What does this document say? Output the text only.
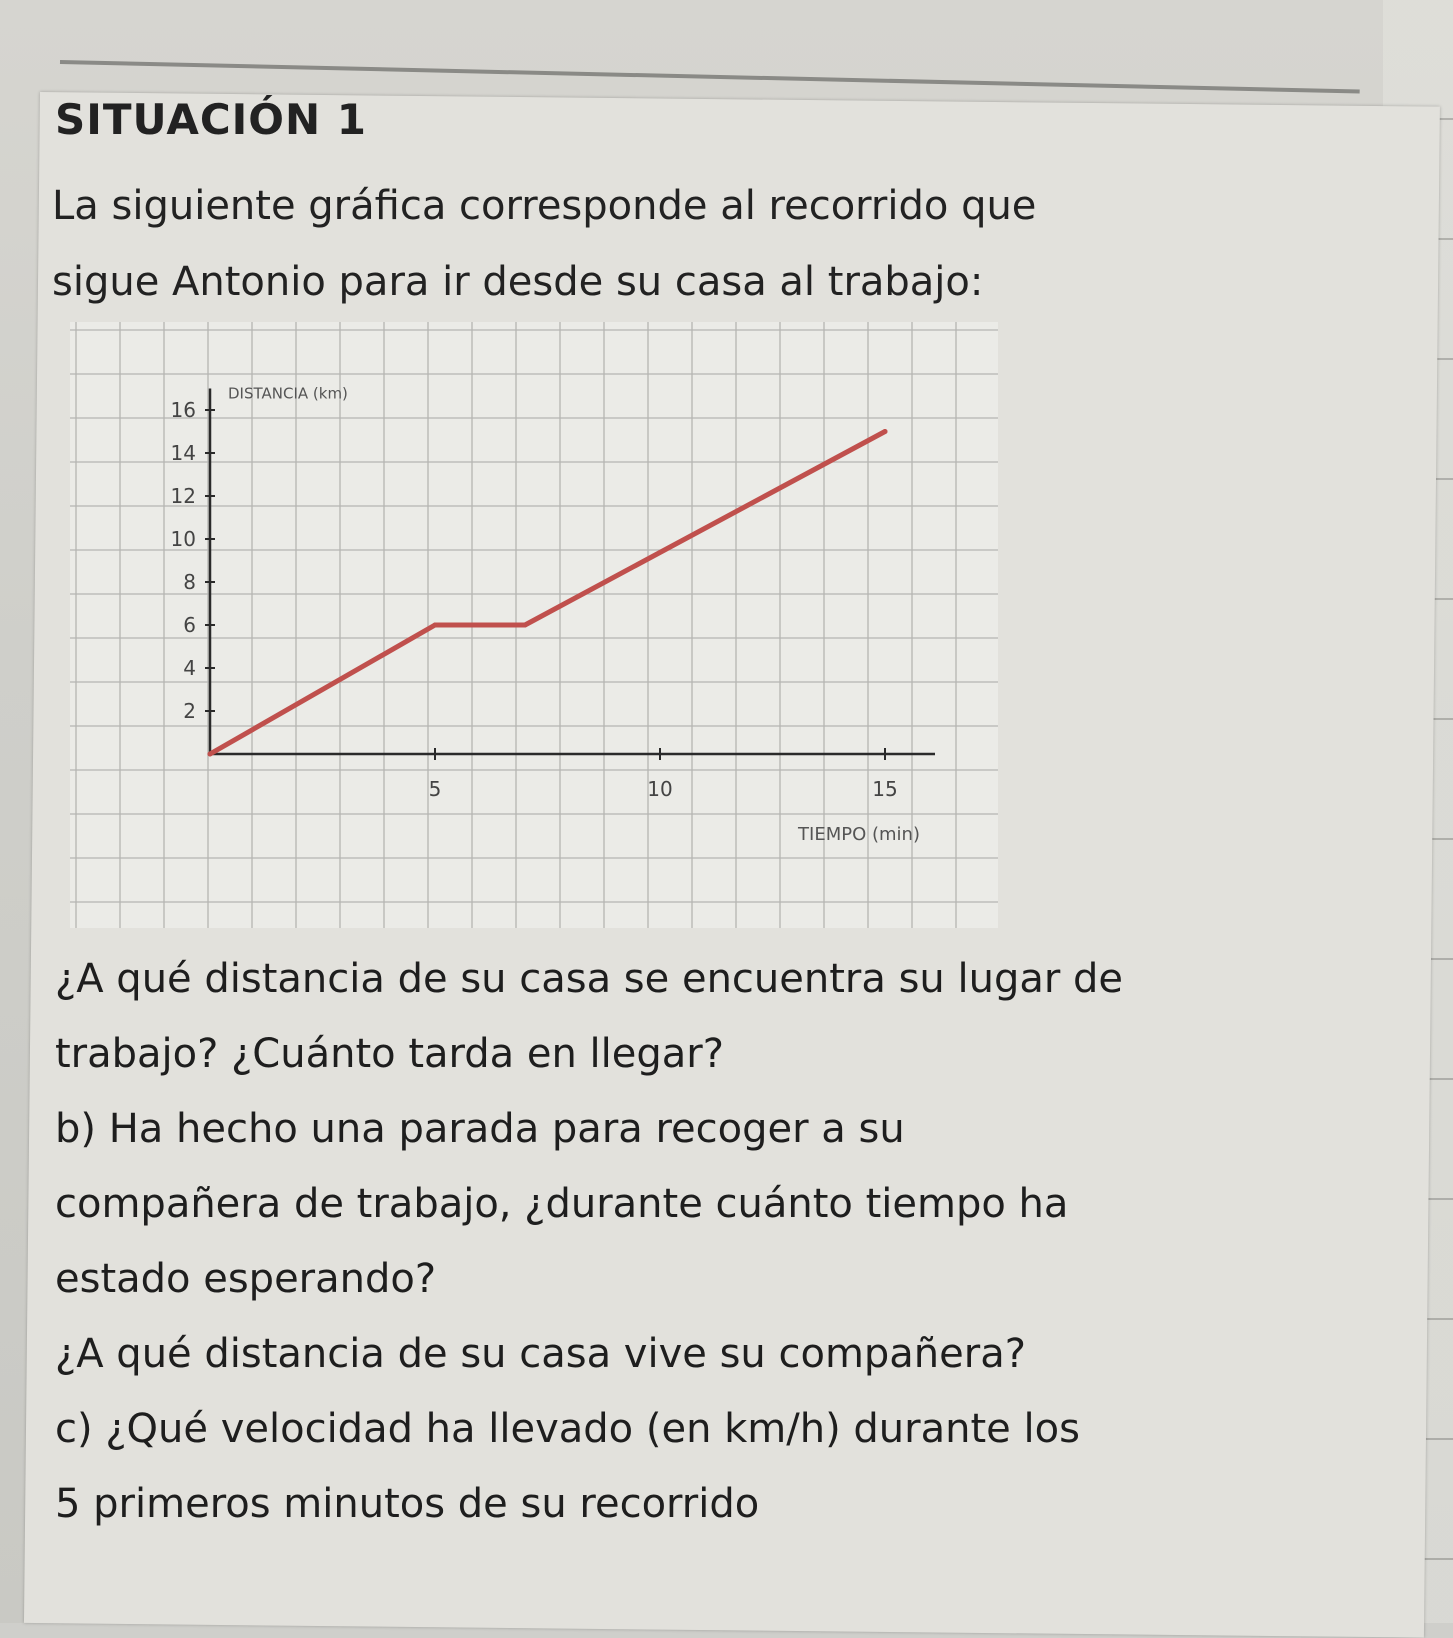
SITUACIÓN 1
La siguiente gráfica corresponde al recorrido que
sigue Antonio para ir desde su casa al trabajo:
2
4
6
8
10
12
14
16
5	10	15
DISTANCIA (km)
TIEMPO (min)

¿A qué distancia de su casa se encuentra su lugar de

trabajo? ¿Cuánto tarda en llegar?

b) Ha hecho una parada para recoger a su

compañera de trabajo, ¿durante cuánto tiempo ha

estado esperando?

¿A qué distancia de su casa vive su compañera?

c) ¿Qué velocidad ha llevado (en km/h) durante los

5 primeros minutos de su recorrido
